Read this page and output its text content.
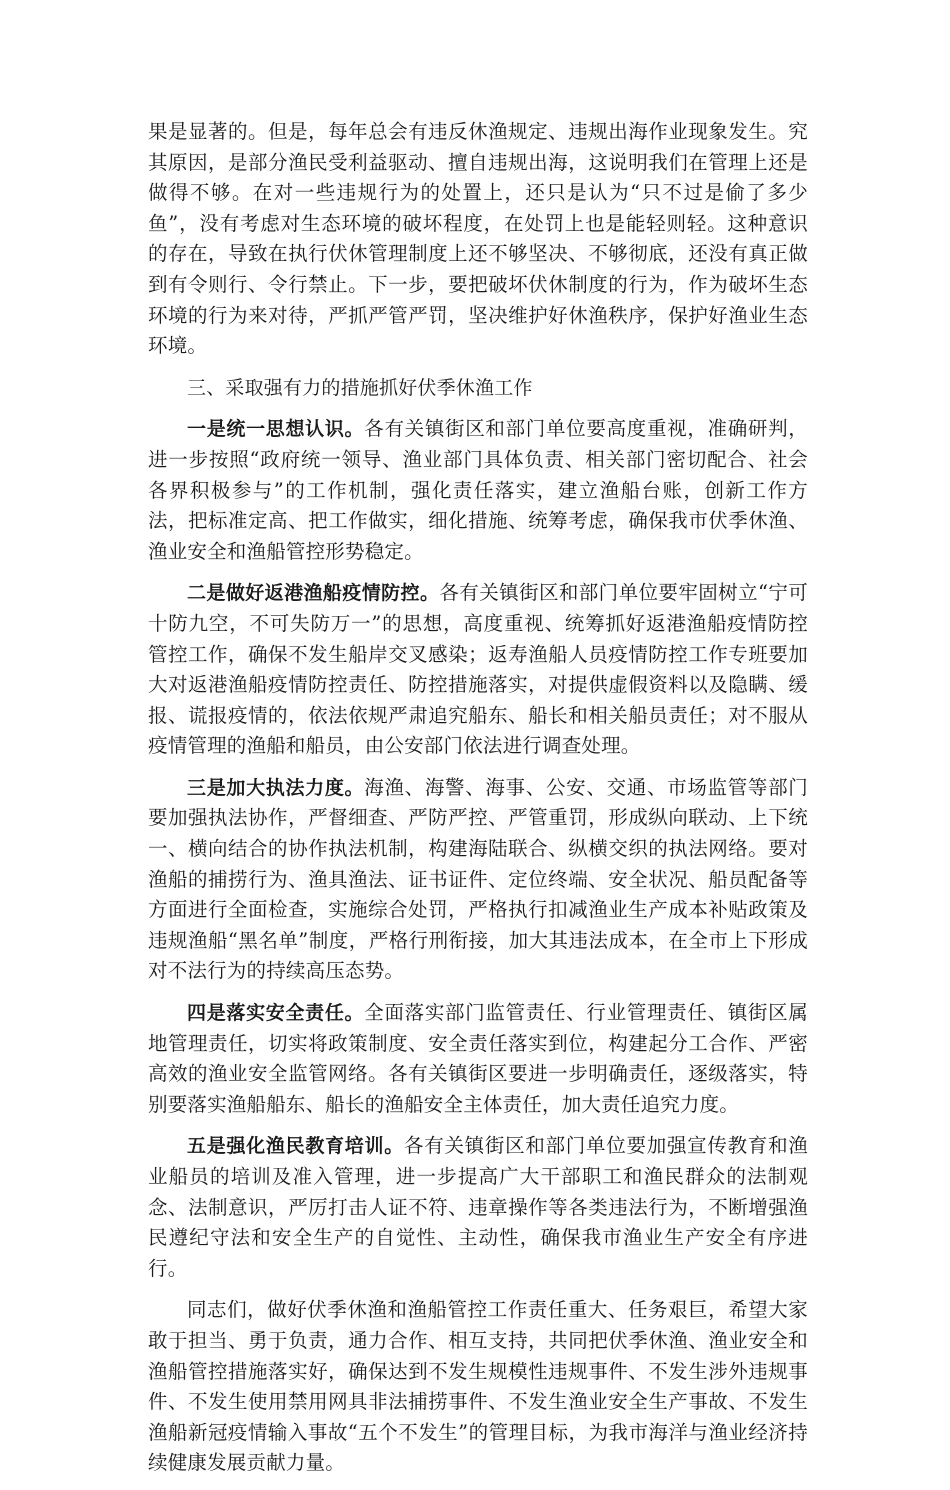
果是显著的。但是，每年总会有违反休渔规定、违规出海作业现象发生。究其原因，是部分渔民受利益驱动、擅自违规出海，这说明我们在管理上还是做得不够。在对一些违规行为的处置上，还只是认为“只不过是偷了多少鱼”，没有考虑对生态环境的破坏程度，在处罚上也是能轻则轻。这种意识的存在，导致在执行伏休管理制度上还不够坚决、不够彻底，还没有真正做到有令则行、令行禁止。下一步，要把破坏伏休制度的行为，作为破坏生态环境的行为来对待，严抓严管严罚，坚决维护好休渔秩序，保护好渔业生态环境。

三、采取强有力的措施抓好伏季休渔工作

一是统一思想认识。各有关镇街区和部门单位要高度重视，准确研判，进一步按照“政府统一领导、渔业部门具体负责、相关部门密切配合、社会各界积极参与”的工作机制，强化责任落实，建立渔船台账，创新工作方法，把标准定高、把工作做实，细化措施、统筹考虑，确保我市伏季休渔、渔业安全和渔船管控形势稳定。

二是做好返港渔船疫情防控。各有关镇街区和部门单位要牢固树立“宁可十防九空，不可失防万一”的思想，高度重视、统筹抓好返港渔船疫情防控管控工作，确保不发生船岸交叉感染；返寿渔船人员疫情防控工作专班要加大对返港渔船疫情防控责任、防控措施落实，对提供虚假资料以及隐瞒、缓报、谎报疫情的，依法依规严肃追究船东、船长和相关船员责任；对不服从疫情管理的渔船和船员，由公安部门依法进行调查处理。

三是加大执法力度。海渔、海警、海事、公安、交通、市场监管等部门要加强执法协作，严督细查、严防严控、严管重罚，形成纵向联动、上下统一、横向结合的协作执法机制，构建海陆联合、纵横交织的执法网络。要对渔船的捕捞行为、渔具渔法、证书证件、定位终端、安全状况、船员配备等方面进行全面检查，实施综合处罚，严格执行扣减渔业生产成本补贴政策及违规渔船“黑名单”制度，严格行刑衔接，加大其违法成本，在全市上下形成对不法行为的持续高压态势。

四是落实安全责任。全面落实部门监管责任、行业管理责任、镇街区属地管理责任，切实将政策制度、安全责任落实到位，构建起分工合作、严密高效的渔业安全监管网络。各有关镇街区要进一步明确责任，逐级落实，特别要落实渔船船东、船长的渔船安全主体责任，加大责任追究力度。

五是强化渔民教育培训。各有关镇街区和部门单位要加强宣传教育和渔业船员的培训及准入管理，进一步提高广大干部职工和渔民群众的法制观念、法制意识，严厉打击人证不符、违章操作等各类违法行为，不断增强渔民遵纪守法和安全生产的自觉性、主动性，确保我市渔业生产安全有序进行。

同志们，做好伏季休渔和渔船管控工作责任重大、任务艰巨，希望大家敢于担当、勇于负责，通力合作、相互支持，共同把伏季休渔、渔业安全和渔船管控措施落实好，确保达到不发生规模性违规事件、不发生涉外违规事件、不发生使用禁用网具非法捕捞事件、不发生渔业安全生产事故、不发生渔船新冠疫情输入事故“五个不发生”的管理目标，为我市海洋与渔业经济持续健康发展贡献力量。
